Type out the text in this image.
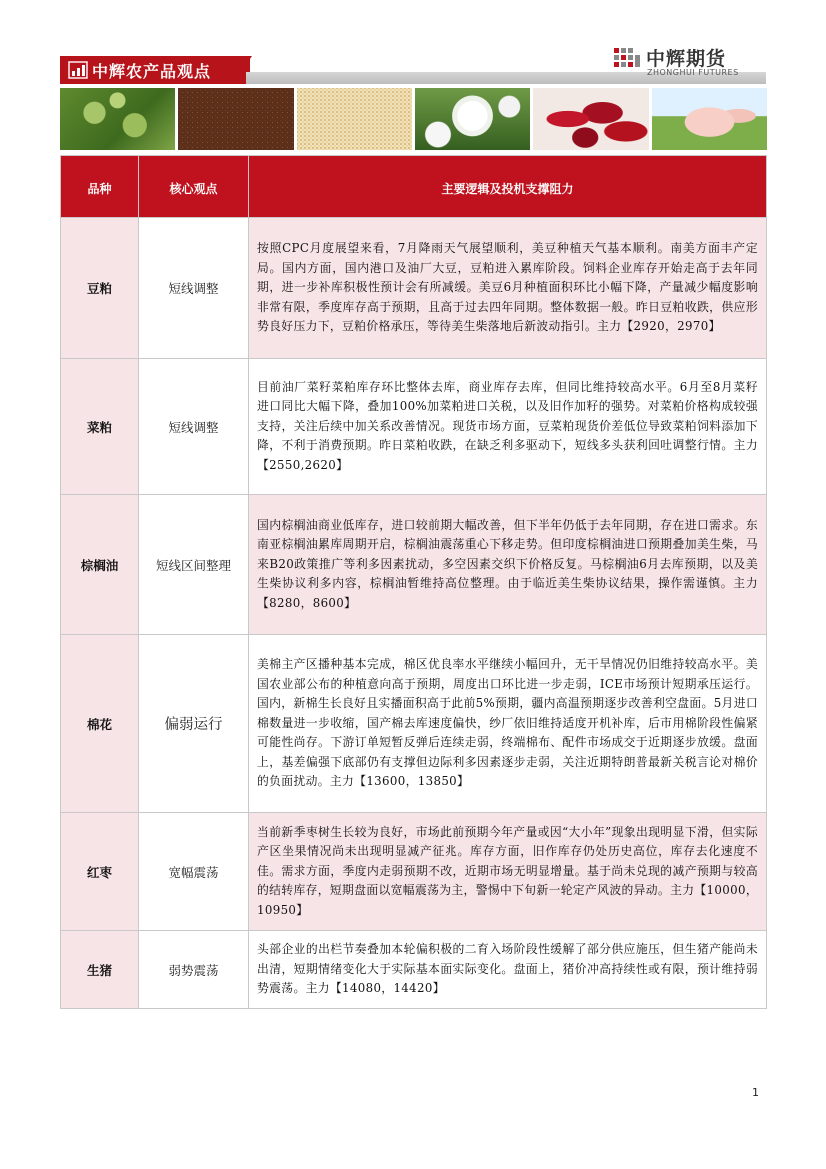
中辉农产品观点
中辉期货
ZHONGHUI FUTURES
品种	核心观点	主要逻辑及投机支撑阻力
豆粕	短线调整	按照CPC月度展望来看，7月降雨天气展望顺利，美豆种植天气基本顺利。南美方面丰产定局。国内方面，国内港口及油厂大豆，豆粕进入累库阶段。饲料企业库存开始走高于去年同期，进一步补库积极性预计会有所减缓。美豆6月种植面积环比小幅下降，产量减少幅度影响非常有限，季度库存高于预期，且高于过去四年同期。整体数据一般。昨日豆粕收跌，供应形势良好压力下，豆粕价格承压，等待美生柴落地后新波动指引。主力【2920，2970】
菜粕	短线调整	目前油厂菜籽菜粕库存环比整体去库，商业库存去库，但同比维持较高水平。6月至8月菜籽进口同比大幅下降，叠加100%加菜粕进口关税，以及旧作加籽的强势。对菜粕价格构成较强支持，关注后续中加关系改善情况。现货市场方面，豆菜粕现货价差低位导致菜粕饲料添加下降，不利于消费预期。昨日菜粕收跌，在缺乏利多驱动下，短线多头获利回吐调整行情。主力【2550,2620】
棕榈油	短线区间整理	国内棕榈油商业低库存，进口较前期大幅改善，但下半年仍低于去年同期，存在进口需求。东南亚棕榈油累库周期开启，棕榈油震荡重心下移走势。但印度棕榈油进口预期叠加美生柴，马来B20政策推广等利多因素扰动，多空因素交织下价格反复。马棕榈油6月去库预期，以及美生柴协议利多内容，棕榈油暂维持高位整理。由于临近美生柴协议结果，操作需谨慎。主力【8280，8600】
棉花	偏弱运行	美棉主产区播种基本完成，棉区优良率水平继续小幅回升，无干旱情况仍旧维持较高水平。美国农业部公布的种植意向高于预期，周度出口环比进一步走弱，ICE市场预计短期承压运行。国内，新棉生长良好且实播面积高于此前5%预期，疆内高温预期逐步改善利空盘面。5月进口棉数量进一步收缩，国产棉去库速度偏快，纱厂依旧维持适度开机补库，后市用棉阶段性偏紧可能性尚存。下游订单短暂反弹后连续走弱，终端棉布、配件市场成交于近期逐步放缓。盘面上，基差偏强下底部仍有支撑但边际利多因素逐步走弱，关注近期特朗普最新关税言论对棉价的负面扰动。主力【13600，13850】
红枣	宽幅震荡	当前新季枣树生长较为良好，市场此前预期今年产量或因“大小年”现象出现明显下滑，但实际产区坐果情况尚未出现明显减产征兆。库存方面，旧作库存仍处历史高位，库存去化速度不佳。需求方面，季度内走弱预期不改，近期市场无明显增量。基于尚未兑现的减产预期与较高的结转库存，短期盘面以宽幅震荡为主，警惕中下旬新一轮定产风波的异动。主力【10000，10950】
生猪	弱势震荡	头部企业的出栏节奏叠加本轮偏积极的二育入场阶段性缓解了部分供应施压，但生猪产能尚未出清，短期情绪变化大于实际基本面实际变化。盘面上，猪价冲高持续性或有限，预计维持弱势震荡。主力【14080，14420】
1
